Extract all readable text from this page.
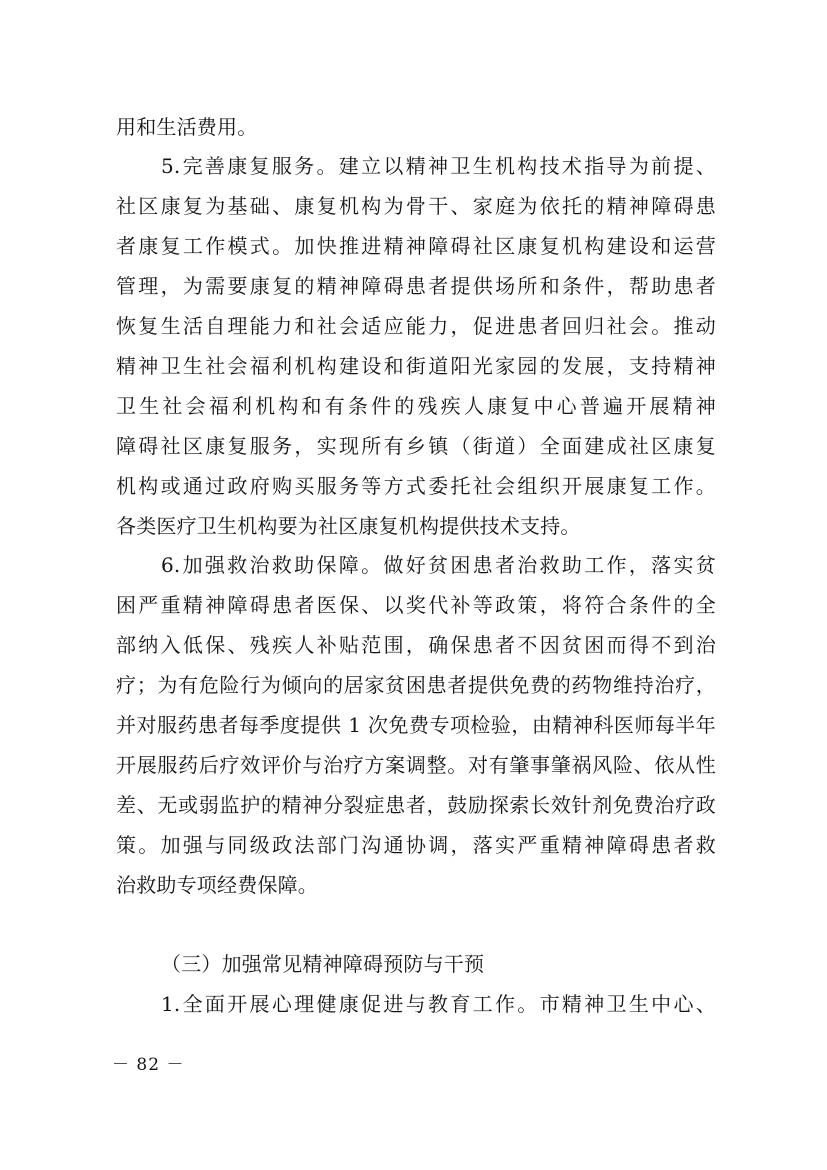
用和生活费用。
5.完善康复服务。建立以精神卫生机构技术指导为前提、
社区康复为基础、康复机构为骨干、家庭为依托的精神障碍患
者康复工作模式。加快推进精神障碍社区康复机构建设和运营
管理，为需要康复的精神障碍患者提供场所和条件，帮助患者
恢复生活自理能力和社会适应能力，促进患者回归社会。推动
精神卫生社会福利机构建设和街道阳光家园的发展，支持精神
卫生社会福利机构和有条件的残疾人康复中心普遍开展精神
障碍社区康复服务，实现所有乡镇（街道）全面建成社区康复
机构或通过政府购买服务等方式委托社会组织开展康复工作。
各类医疗卫生机构要为社区康复机构提供技术支持。
6.加强救治救助保障。做好贫困患者治救助工作，落实贫
困严重精神障碍患者医保、以奖代补等政策，将符合条件的全
部纳入低保、残疾人补贴范围，确保患者不因贫困而得不到治
疗；为有危险行为倾向的居家贫困患者提供免费的药物维持治疗，
并对服药患者每季度提供 1 次免费专项检验，由精神科医师每半年
开展服药后疗效评价与治疗方案调整。对有肇事肇祸风险、依从性
差、无或弱监护的精神分裂症患者，鼓励探索长效针剂免费治疗政
策。加强与同级政法部门沟通协调，落实严重精神障碍患者救
治救助专项经费保障。
（三）加强常见精神障碍预防与干预
1.全面开展心理健康促进与教育工作。市精神卫生中心、
－ 82 －
